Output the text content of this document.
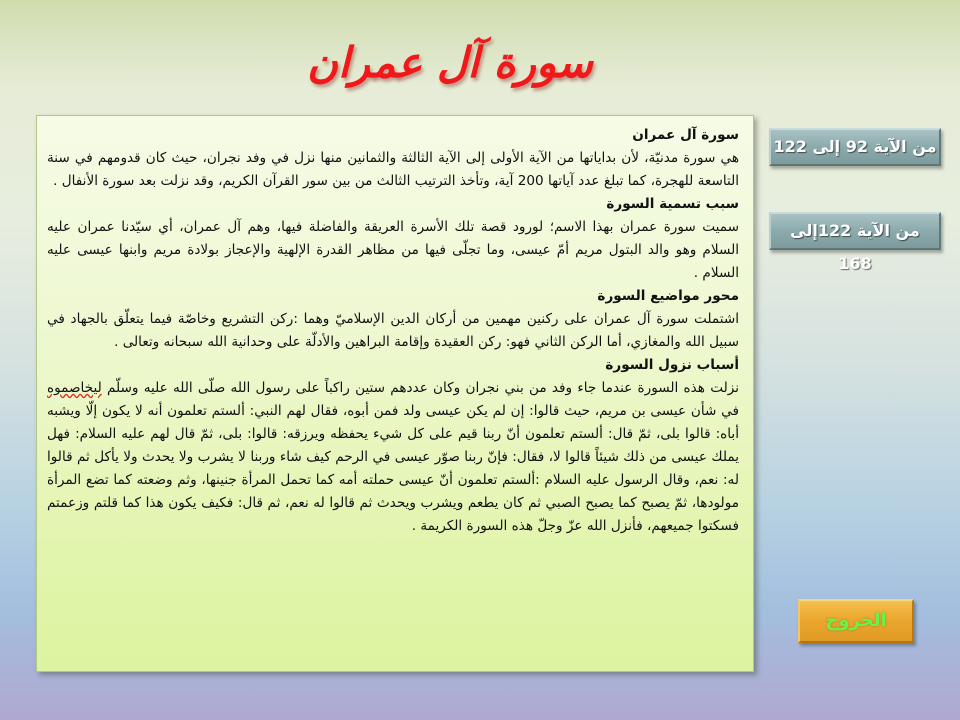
سورة آل عمران
سورة آل عمران

هي سورة مدنيّة، لأن بداياتها من الآية الأولى إلى الآية الثالثة والثمانين منها نزل في وفد نجران، حيث كان قدومهم في سنة التاسعة للهجرة، كما تبلغ عدد آياتها 200 آية، وتأخذ الترتيب الثالث من بين سور القرآن الكريم، وقد نزلت بعد سورة الأنفال .

سبب تسمية السورة

سميت سورة عمران بهذا الاسم؛ لورود قصة تلك الأسرة العريقة والفاضلة فيها، وهم آل عمران، أي سيّدنا عمران عليه السلام وهو والد البتول مريم أمّ عيسى، وما تجلّى فيها من مظاهر القدرة الإلهية والإعجاز بولادة مريم وابنها عيسى عليه السلام .

محور مواضيع السورة

اشتملت سورة آل عمران على ركنين مهمين من أركان الدين الإسلاميّ وهما :ركن التشريع وخاصّة فيما يتعلّق بالجهاد في سبيل الله والمغازي، أما الركن الثاني فهو: ركن العقيدة وإقامة البراهين والأدلّة على وحدانية الله سبحانه وتعالى .

أسباب نزول السورة

نزلت هذه السورة عندما جاء وفد من بني نجران وكان عددهم ستين راكباً على رسول الله صلّى الله عليه وسلّم ليخاصموه في شأن عيسى بن مريم، حيث قالوا: إن لم يكن عيسى ولد فمن أبوه، فقال لهم النبي: ألستم تعلمون أنه لا يكون إلّا ويشبه أباه: قالوا بلى، ثمّ قال: ألستم تعلمون أنّ ربنا قيم على كل شيء يحفظه ويرزقه: قالوا: بلى، ثمّ قال لهم عليه السلام: فهل يملك عيسى من ذلك شيئاً قالوا لا، فقال: فإنّ ربنا صوّر عيسى في الرحم كيف شاء وربنا لا يشرب ولا يحدث ولا يأكل ثم قالوا له: نعم، وقال الرسول عليه السلام :ألستم تعلمون أنّ عيسى حملته أمه كما تحمل المرأة جنينها، وثم وضعته كما تضع المرأة مولودها، ثمّ يصبح كما يصبح الصبي ثم كان يطعم ويشرب ويحدث ثم قالوا له نعم، ثم قال: فكيف يكون هذا كما قلتم وزعمتم فسكتوا جميعهم، فأنزل الله عزّ وجلّ هذه السورة الكريمة .

من الآية 92 إلى 122
من الآية 122إلى 168
الخروج
